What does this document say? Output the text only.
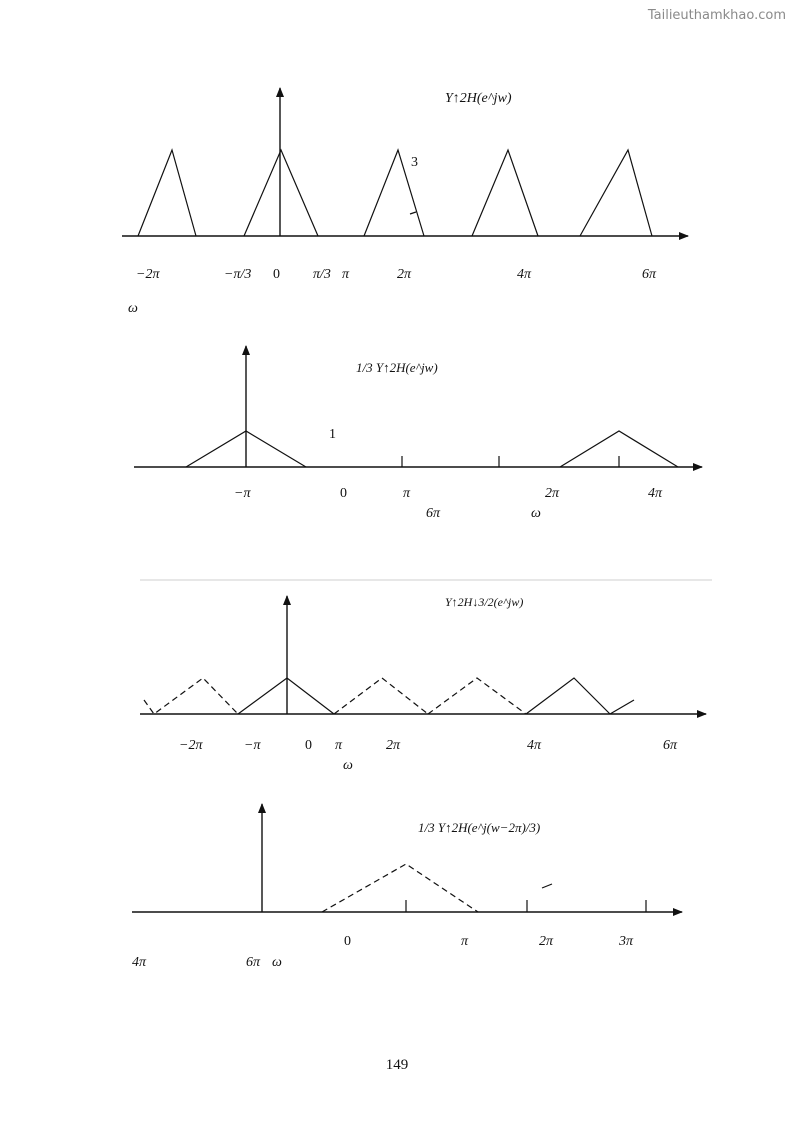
Tailieuthamkhao.com
Y↑2H(e^jw)
3
−2π	−π/3 0 π/3 π	2π	4π	6π
ω
1/3 Y↑2H(e^jw)
1
−π	0	π	2π	4π
6π	ω
Y↑2H↓3/2(e^jw)
−2π	−π	0 π	2π	4π	6π
ω
1/3 Y↑2H(e^j(w−2π)/3)
0	π	2π	3π
4π	6π ω
149
